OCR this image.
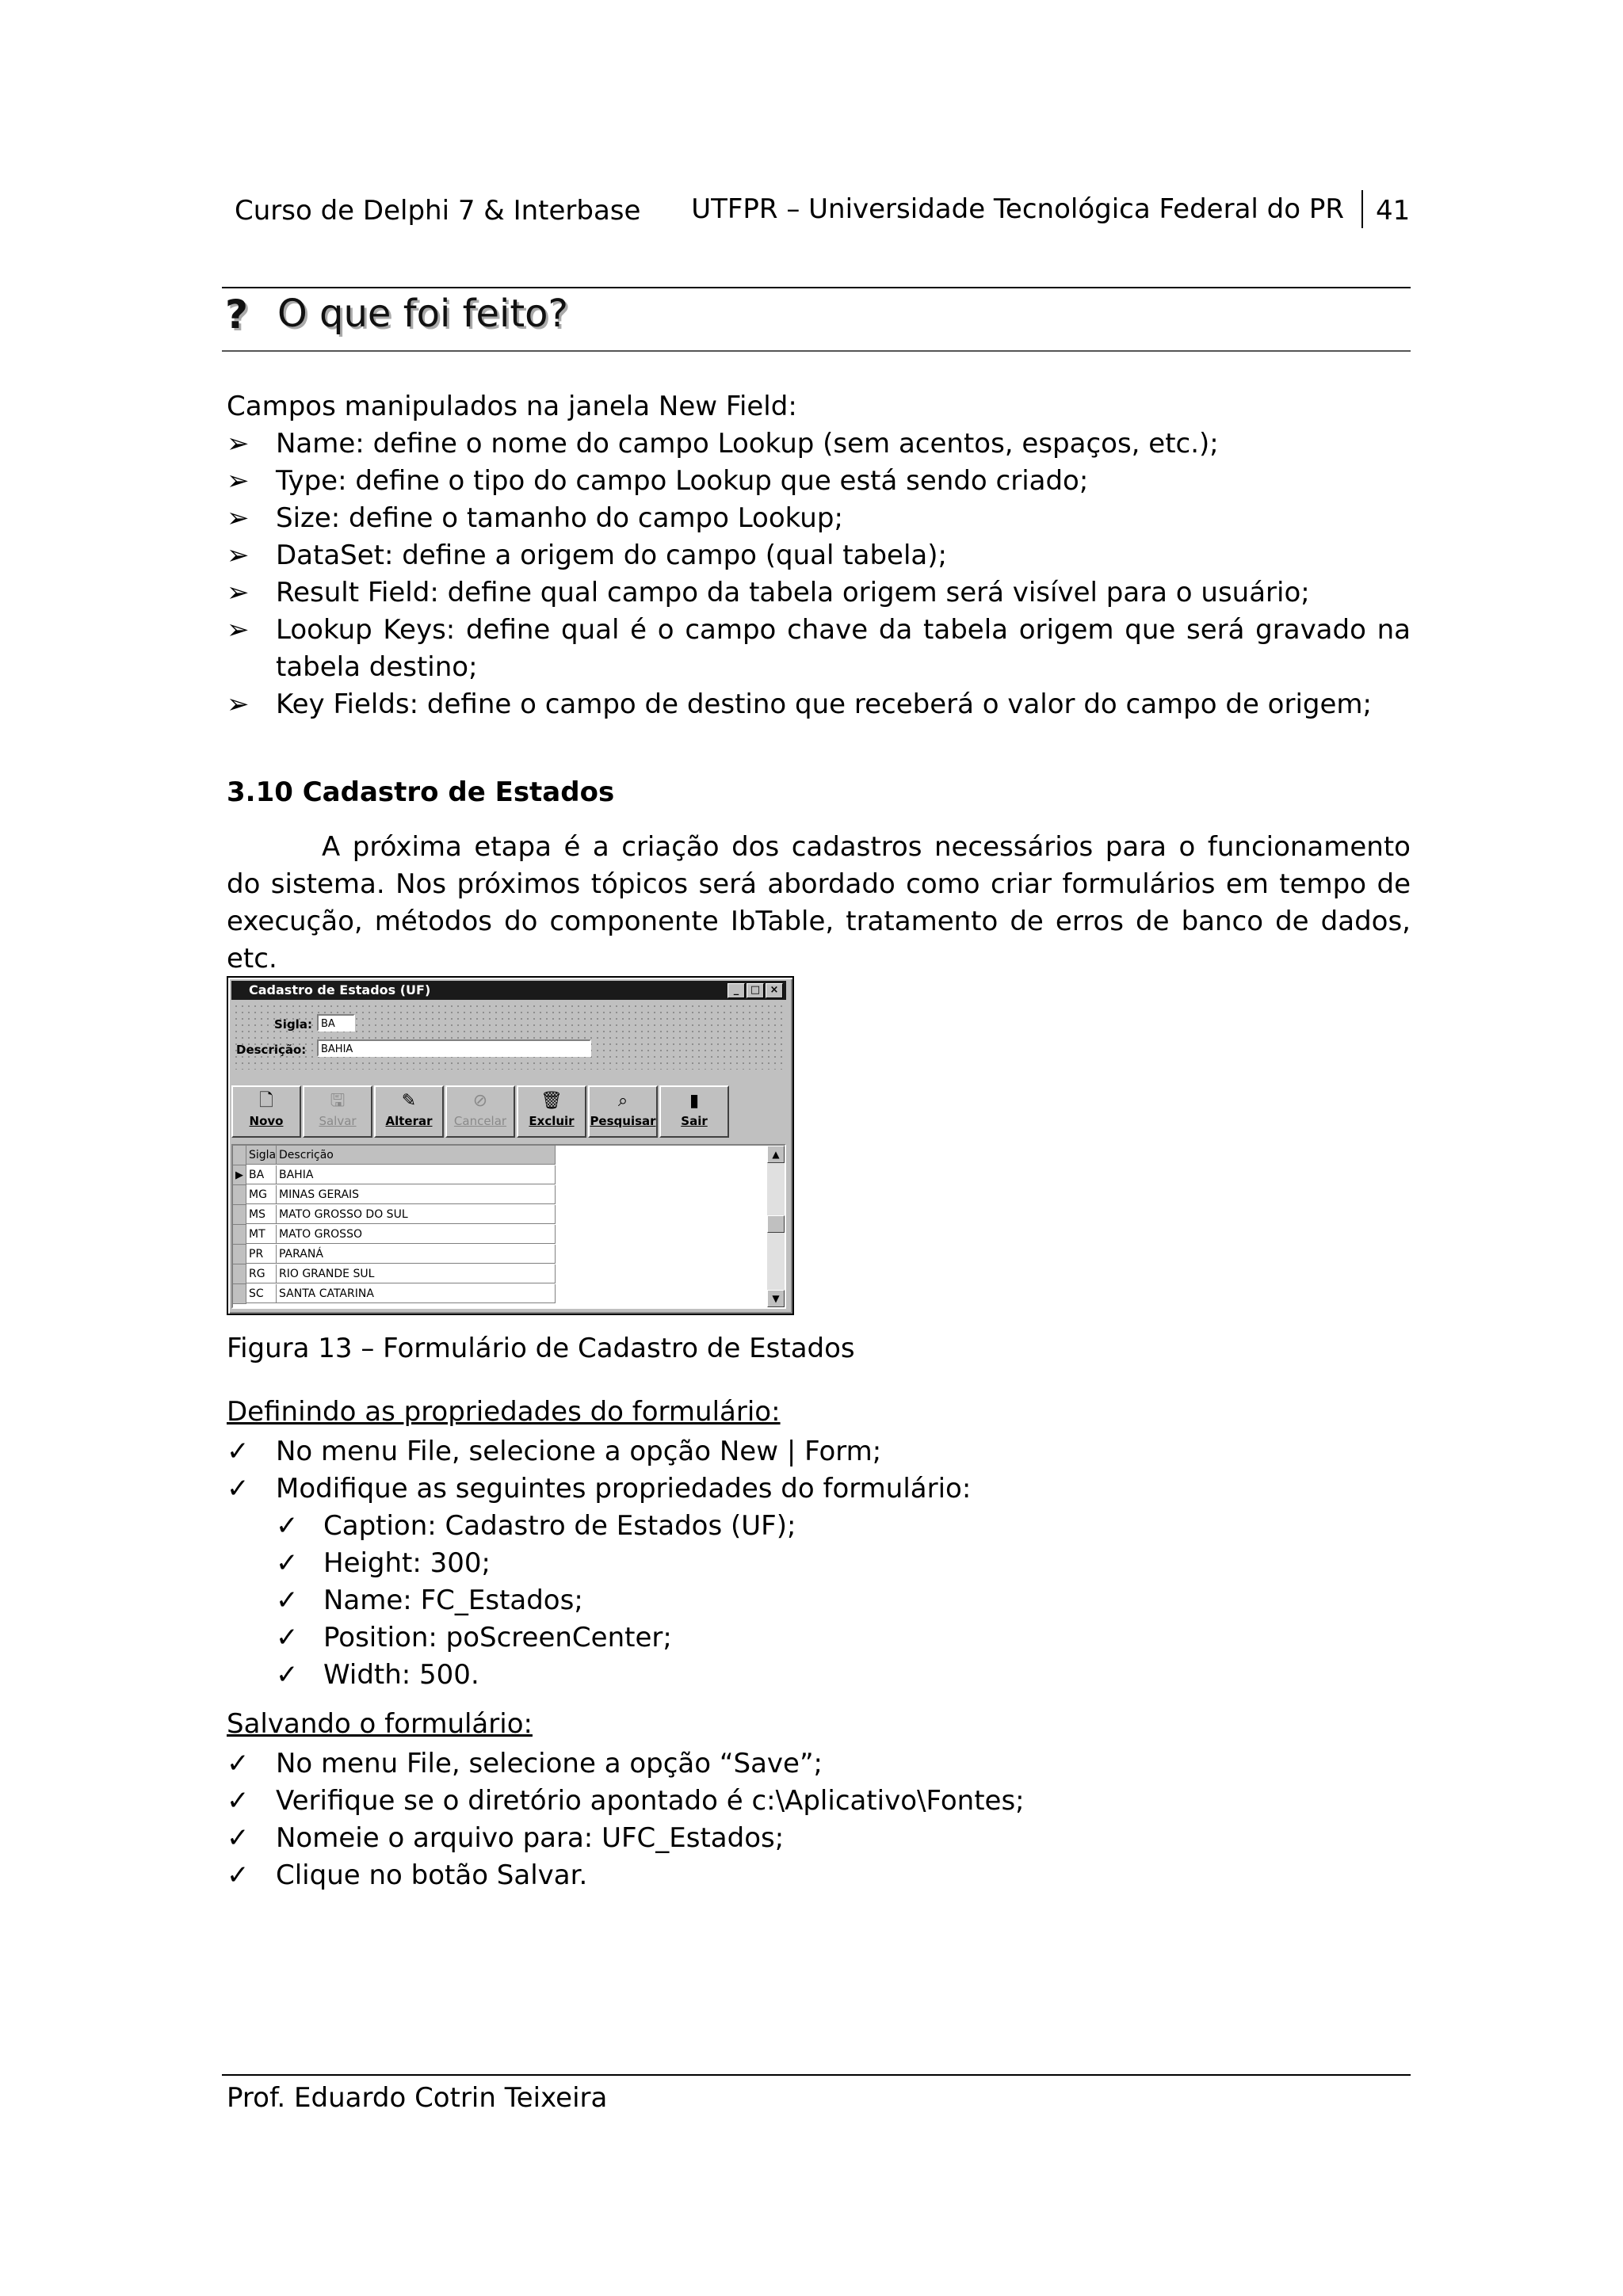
Curso de Delphi 7 & Interbase	UTFPR – Universidade Tecnológica Federal do PR	41
? O que foi feito?
Campos manipulados na janela New Field:
➢ Name: define o nome do campo Lookup (sem acentos, espaços, etc.);
➢ Type: define o tipo do campo Lookup que está sendo criado;
➢ Size: define o tamanho do campo Lookup;
➢ DataSet: define a origem do campo (qual tabela);
➢ Result Field: define qual campo da tabela origem será visível para o usuário;
➢ Lookup Keys: define qual é o campo chave da tabela origem que será gravado na tabela destino;
➢ Key Fields: define o campo de destino que receberá o valor do campo de origem;
3.10 Cadastro de Estados
A próxima etapa é a criação dos cadastros necessários para o funcionamento do sistema. Nos próximos tópicos será abordado como criar formulários em tempo de execução, métodos do componente IbTable, tratamento de erros de banco de dados, etc.
Cadastro de Estados (UF)	_	□ ×
Sigla: BA
Descrição:	BAHIA
🗋
Novo
🖫
Salvar
✎
Alterar
⊘
Cancelar
🗑
Excluir
⌕
Pesquisar
▮
Sair
Sigla Descrição
▶ BA	BAHIA
MG	MINAS GERAIS
MS	MATO GROSSO DO SUL
MT	MATO GROSSO
PR	PARANÁ
RG	RIO GRANDE SUL
SC	SANTA CATARINA
▲
▼
Figura 13 – Formulário de Cadastro de Estados
Definindo as propriedades do formulário:
✓ No menu File, selecione a opção New | Form;
✓ Modifique as seguintes propriedades do formulário:
✓ Caption: Cadastro de Estados (UF);
✓ Height: 300;
✓ Name: FC_Estados;
✓ Position: poScreenCenter;
✓ Width: 500.
Salvando o formulário:
✓ No menu File, selecione a opção “Save”;
✓ Verifique se o diretório apontado é c:\Aplicativo\Fontes;
✓ Nomeie o arquivo para: UFC_Estados;
✓ Clique no botão Salvar.
Prof. Eduardo Cotrin Teixeira
